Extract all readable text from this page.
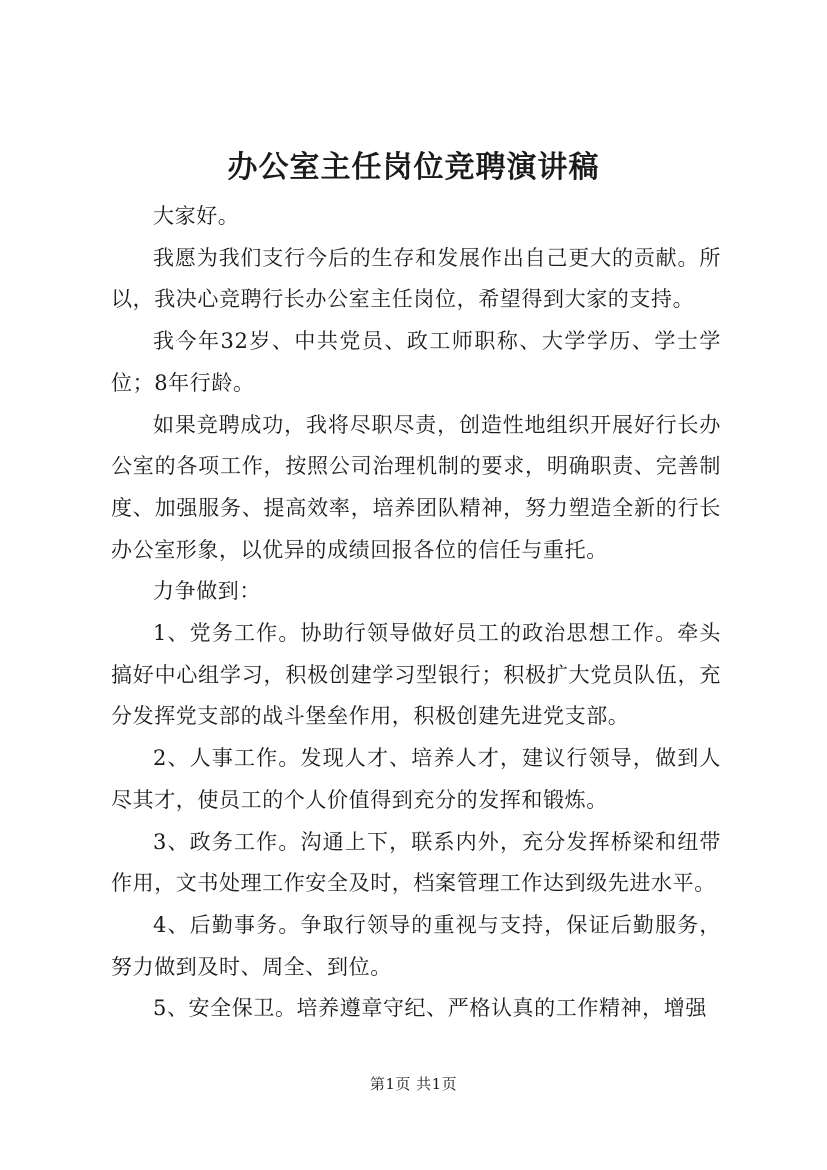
办公室主任岗位竞聘演讲稿

大家好。

我愿为我们支行今后的生存和发展作出自己更大的贡献。所以，我决心竞聘行长办公室主任岗位，希望得到大家的支持。

我今年32岁、中共党员、政工师职称、大学学历、学士学位；8年行龄。

如果竞聘成功，我将尽职尽责，创造性地组织开展好行长办公室的各项工作，按照公司治理机制的要求，明确职责、完善制度、加强服务、提高效率，培养团队精神，努力塑造全新的行长办公室形象，以优异的成绩回报各位的信任与重托。

力争做到：

1、党务工作。协助行领导做好员工的政治思想工作。牵头搞好中心组学习，积极创建学习型银行；积极扩大党员队伍，充分发挥党支部的战斗堡垒作用，积极创建先进党支部。

2、人事工作。发现人才、培养人才，建议行领导，做到人尽其才，使员工的个人价值得到充分的发挥和锻炼。

3、政务工作。沟通上下，联系内外，充分发挥桥梁和纽带作用，文书处理工作安全及时，档案管理工作达到级先进水平。

4、后勤事务。争取行领导的重视与支持，保证后勤服务，努力做到及时、周全、到位。

5、安全保卫。培养遵章守纪、严格认真的工作精神，增强

第1页 共1页
